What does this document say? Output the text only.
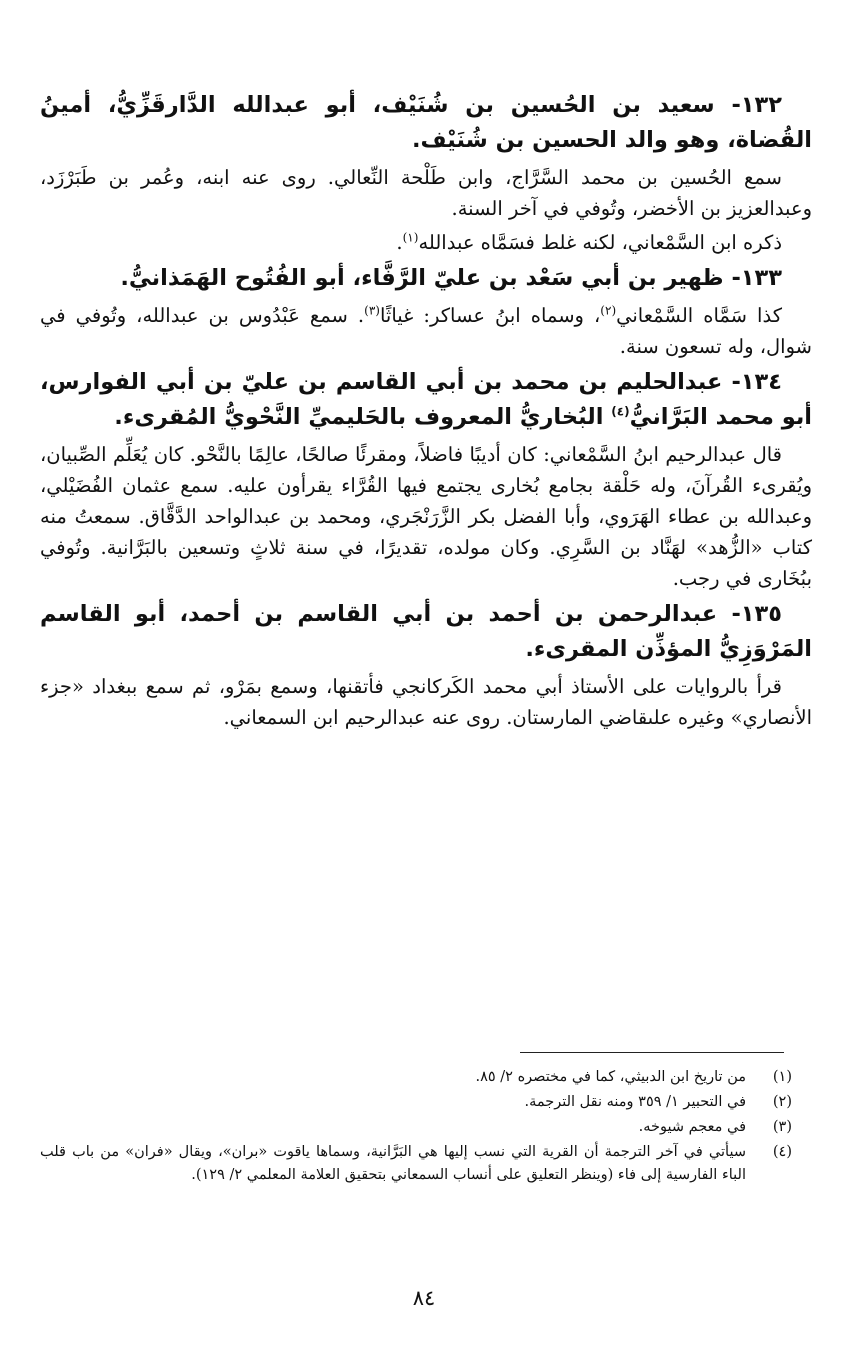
١٣٢- سعيد بن الحُسين بن شُنَيْف، أبو عبدالله الدَّارقَزِّيُّ، أمينُ القُضاة، وهو والد الحسين بن شُنَيْف.

سمع الحُسين بن محمد السَّرَّاج، وابن طَلْحة النِّعالي. روى عنه ابنه، وعُمر بن طَبَرْزَد، وعبدالعزيز بن الأخضر، وتُوفي في آخر السنة.

ذكره ابن السَّمْعاني، لكنه غلط فسَمَّاه عبدالله$^{(١)}$.

١٣٣- ظهير بن أبي سَعْد بن عليّ الرَّفَّاء، أبو الفُتُوح الهَمَذانيُّ.

كذا سَمَّاه السَّمْعاني$^{(٢)}$، وسماه ابنُ عساكر: غياثًا$^{(٣)}$. سمع عَبْدُوس بن عبدالله، وتُوفي في شوال، وله تسعون سنة.

١٣٤- عبدالحليم بن محمد بن أبي القاسم بن عليّ بن أبي الفوارس، أبو محمد البَرَّانيُّ$^{(٤)}$ البُخاريُّ المعروف بالحَليميِّ النَّحْويُّ المُقرىء.

قال عبدالرحيم ابنُ السَّمْعاني: كان أديبًا فاضلاً، ومقرئًا صالحًا، عالِمًا بالنَّحْو. كان يُعَلِّم الصِّبيان، ويُقرىء القُرآنَ، وله حَلْقة بجامع بُخارى يجتمع فيها القُرَّاء يقرأون عليه. سمع عثمان الفُضَيْلي، وعبدالله بن عطاء الهَرَوي، وأبا الفضل بكر الزَّرَنْجَري، ومحمد بن عبدالواحد الدَّقَّاق. سمعتُ منه كتاب «الزُّهد» لهَنَّاد بن السَّرِي. وكان مولده، تقديرًا، في سنة ثلاثٍ وتسعين بالبَرَّانية. وتُوفي ببُخَارى في رجب.

١٣٥- عبدالرحمن بن أحمد بن أبي القاسم بن أحمد، أبو القاسم المَرْوَزِيُّ المؤذِّن المقرىء.

قرأ بالروايات على الأستاذ أبي محمد الكَركانجي فأتقنها، وسمع بمَرْو، ثم سمع ببغداد «جزء الأنصاري» وغيره علىقاضي المارستان. روى عنه عبدالرحيم ابن السمعاني.

(١)
من تاريخ ابن الدبيثي، كما في مختصره ٢/ ٨٥.
(٢)
في التحبير ١/ ٣٥٩ ومنه نقل الترجمة.
(٣)
في معجم شيوخه.
(٤)
سيأتي في آخر الترجمة أن القرية التي نسب إليها هي البَرَّانية، وسماها ياقوت «بران»، ويقال «فران» من باب قلب الباء الفارسية إلى فاء (وينظر التعليق على أنساب السمعاني بتحقيق العلامة المعلمي ٢/ ١٢٩).
٨٤
